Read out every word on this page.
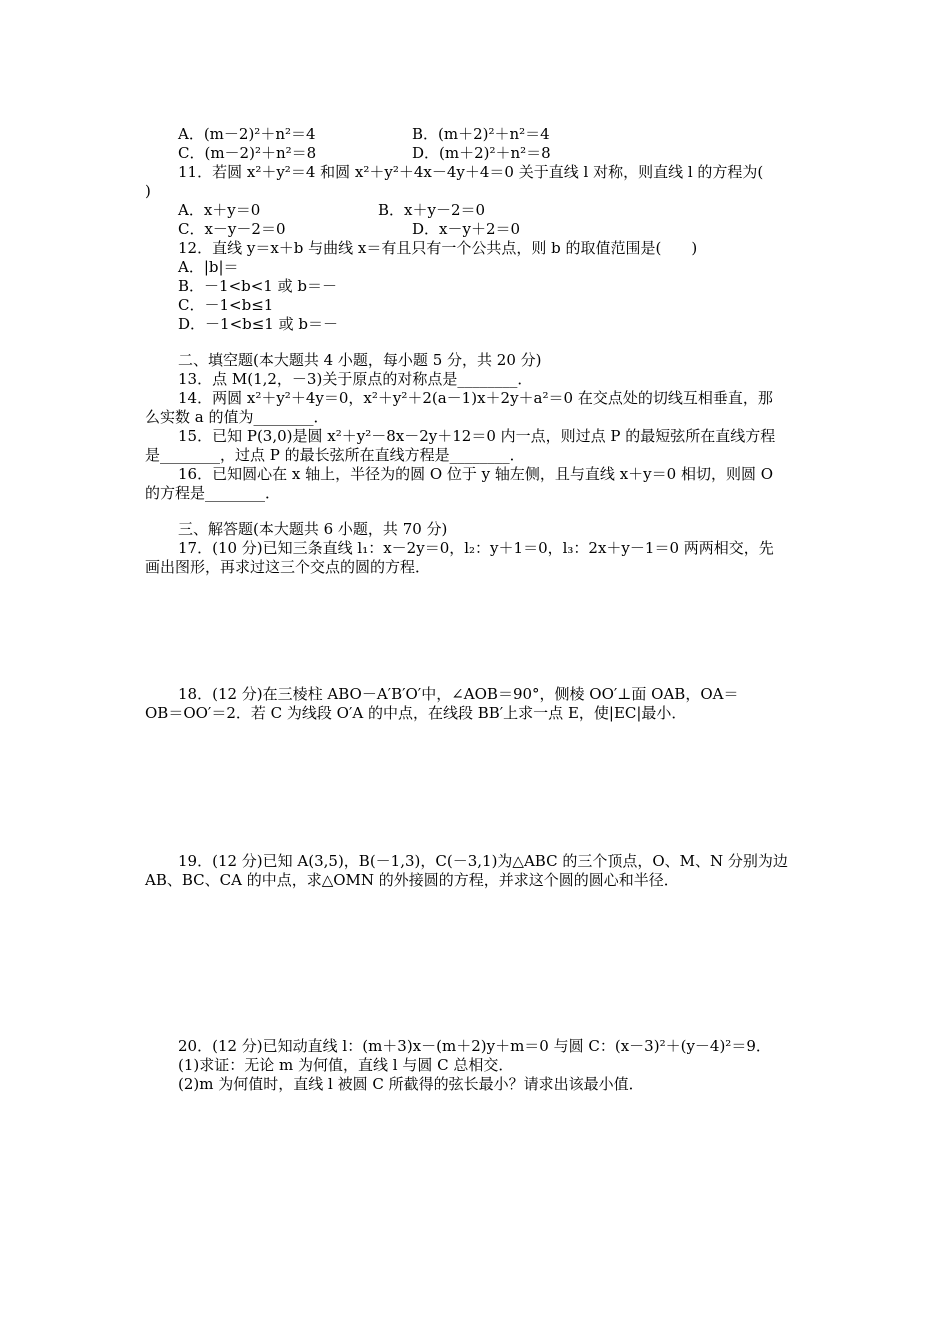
A．(m－2)²＋n²＝4	B．(m＋2)²＋n²＝4
C．(m－2)²＋n²＝8	D．(m＋2)²＋n²＝8
11．若圆 x²＋y²＝4 和圆 x²＋y²＋4x－4y＋4＝0 关于直线 l 对称，则直线 l 的方程为(
)
A．x＋y＝0	B．x＋y－2＝0
C．x－y－2＝0	D．x－y＋2＝0
12．直线 y＝x＋b 与曲线 x＝有且只有一个公共点，则 b 的取值范围是(　　)
A．|b|＝
B．－1<b<1 或 b＝－
C．－1<b≤1
D．－1<b≤1 或 b＝－
二、填空题(本大题共 4 小题，每小题 5 分，共 20 分)
13．点 M(1,2，－3)关于原点的对称点是________．
14．两圆 x²＋y²＋4y＝0，x²＋y²＋2(a－1)x＋2y＋a²＝0 在交点处的切线互相垂直，那
么实数 a 的值为________．
15．已知 P(3,0)是圆 x²＋y²－8x－2y＋12＝0 内一点，则过点 P 的最短弦所在直线方程
是________，过点 P 的最长弦所在直线方程是________．
16．已知圆心在 x 轴上，半径为的圆 O 位于 y 轴左侧，且与直线 x＋y＝0 相切，则圆 O
的方程是________．
三、解答题(本大题共 6 小题，共 70 分)
17．(10 分)已知三条直线 l₁：x－2y＝0，l₂：y＋1＝0，l₃：2x＋y－1＝0 两两相交，先
画出图形，再求过这三个交点的圆的方程．
18．(12 分)在三棱柱 ABO－A′B′O′中，∠AOB＝90°，侧棱 OO′⊥面 OAB，OA＝
OB＝OO′＝2．若 C 为线段 O′A 的中点，在线段 BB′上求一点 E，使|EC|最小．
19．(12 分)已知 A(3,5)，B(－1,3)，C(－3,1)为△ABC 的三个顶点，O、M、N 分别为边
AB、BC、CA 的中点，求△OMN 的外接圆的方程，并求这个圆的圆心和半径．
20．(12 分)已知动直线 l：(m＋3)x－(m＋2)y＋m＝0 与圆 C：(x－3)²＋(y－4)²＝9．
(1)求证：无论 m 为何值，直线 l 与圆 C 总相交．
(2)m 为何值时，直线 l 被圆 C 所截得的弦长最小？请求出该最小值．
